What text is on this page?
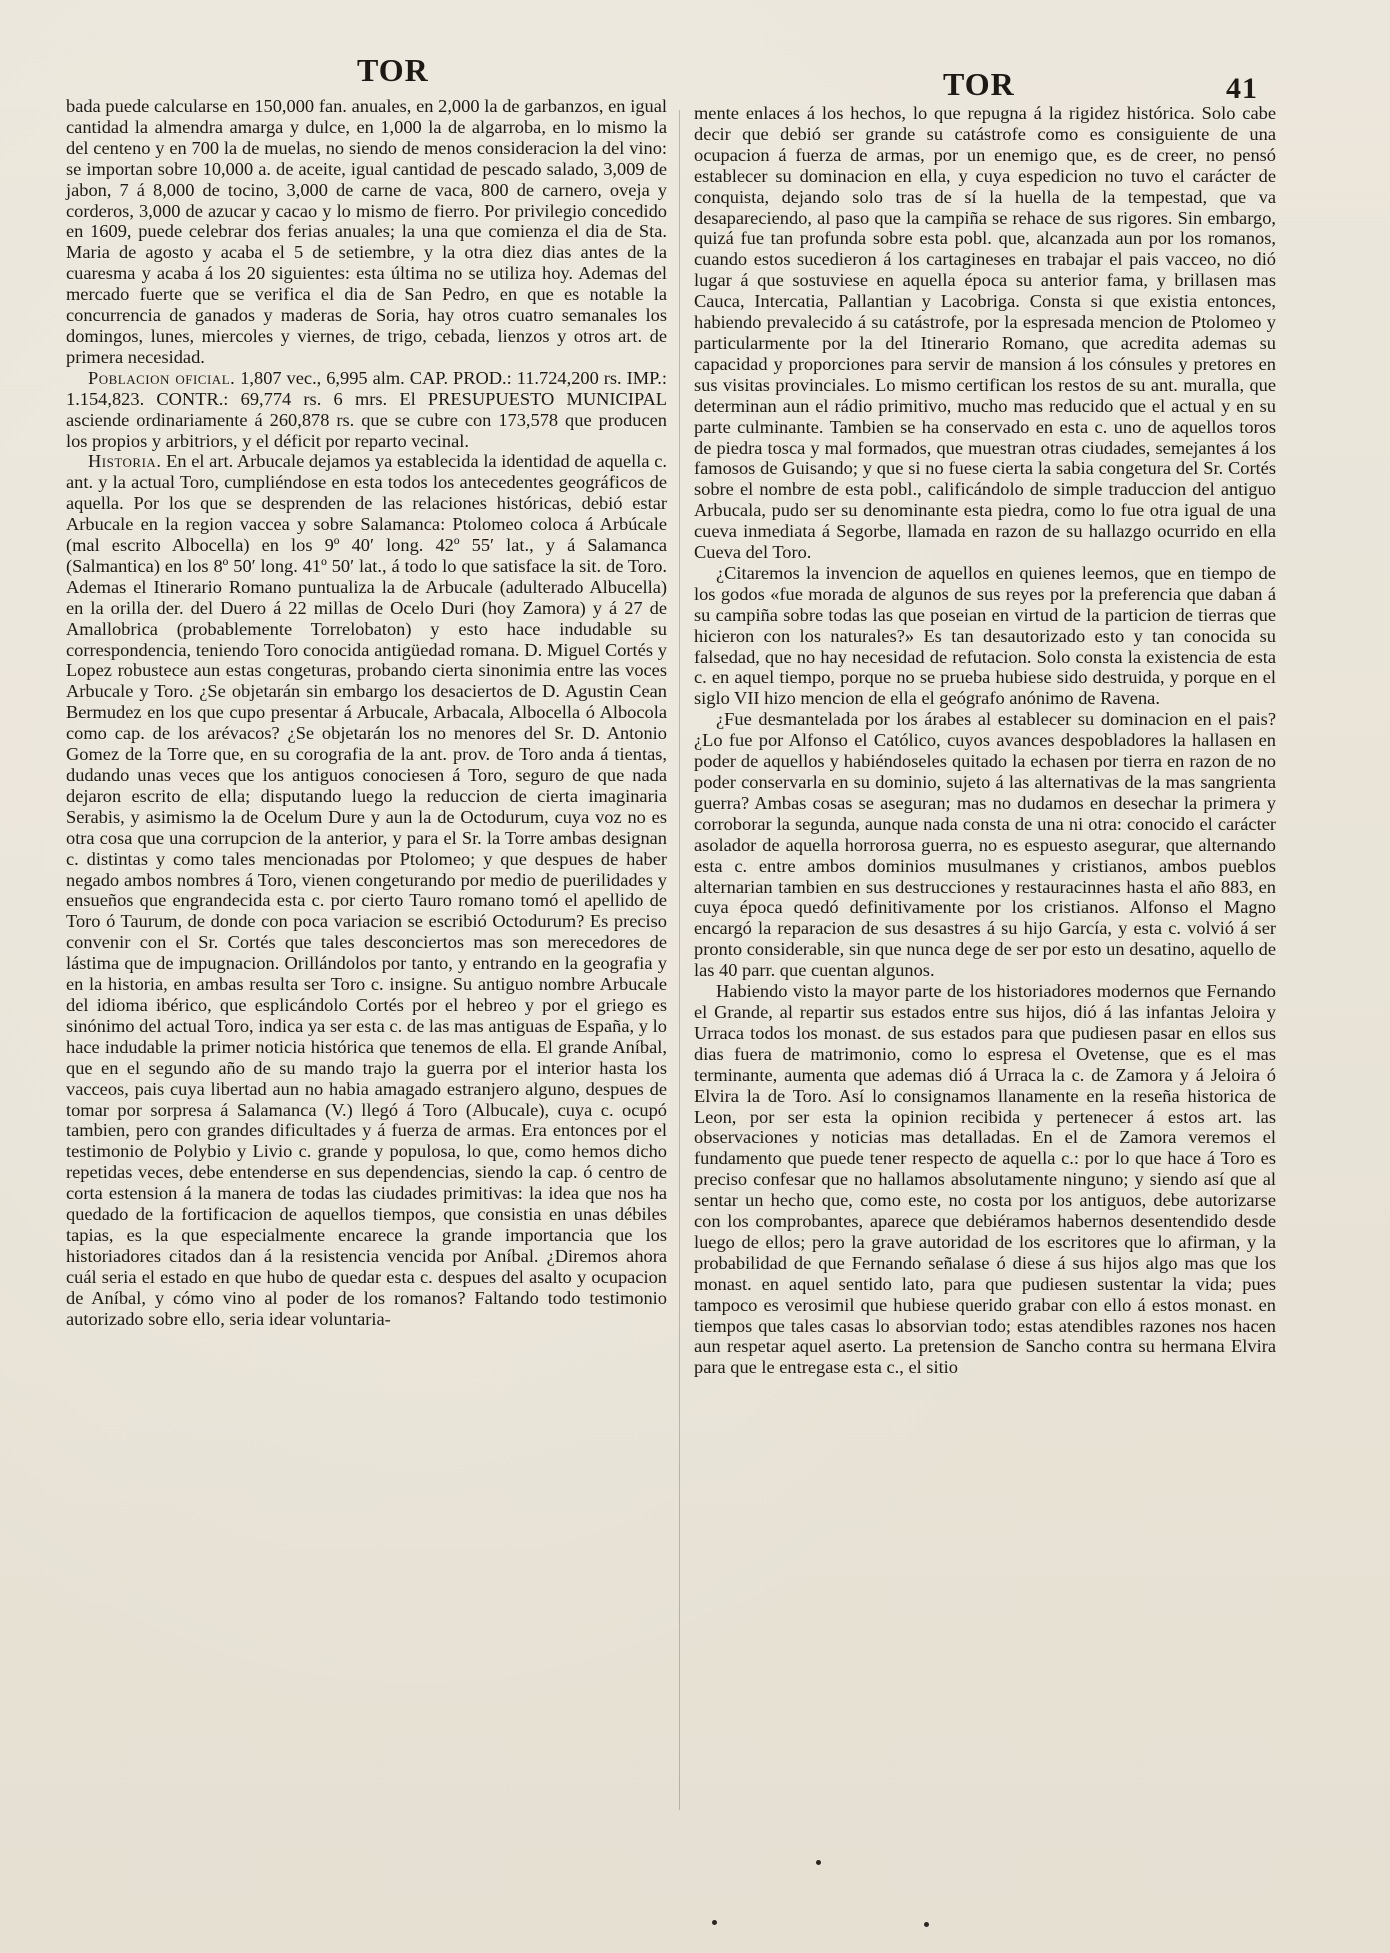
TOR	TOR	41

bada puede calcularse en 150,000 fan. anuales, en 2,000 la de garbanzos, en igual cantidad la almendra amarga y dulce, en 1,000 la de algarroba, en lo mismo la del centeno y en 700 la de muelas, no siendo de menos consideracion la del vino: se importan sobre 10,000 a. de aceite, igual cantidad de pescado salado, 3,009 de jabon, 7 á 8,000 de tocino, 3,000 de carne de vaca, 800 de carnero, oveja y corderos, 3,000 de azucar y cacao y lo mismo de fierro. Por privilegio concedido en 1609, puede celebrar dos ferias anuales; la una que comienza el dia de Sta. Maria de agosto y acaba el 5 de setiembre, y la otra diez dias antes de la cuaresma y acaba á los 20 siguientes: esta última no se utiliza hoy. Ademas del mercado fuerte que se verifica el dia de San Pedro, en que es notable la concurrencia de ganados y maderas de Soria, hay otros cuatro semanales los domingos, lunes, miercoles y viernes, de trigo, cebada, lienzos y otros art. de primera necesidad.

Poblacion oficial. 1,807 vec., 6,995 alm. CAP. PROD.: 11.724,200 rs. IMP.: 1.154,823. CONTR.: 69,774 rs. 6 mrs. El PRESUPUESTO MUNICIPAL asciende ordinariamente á 260,878 rs. que se cubre con 173,578 que producen los propios y arbitriors, y el déficit por reparto vecinal.

Historia. En el art. Arbucale dejamos ya establecida la identidad de aquella c. ant. y la actual Toro, cumpliéndose en esta todos los antecedentes geográficos de aquella. Por los que se desprenden de las relaciones históricas, debió estar Arbucale en la region vaccea y sobre Salamanca: Ptolomeo coloca á Arbúcale (mal escrito Albocella) en los 9º 40′ long. 42º 55′ lat., y á Salamanca (Salmantica) en los 8º 50′ long. 41º 50′ lat., á todo lo que satisface la sit. de Toro. Ademas el Itinerario Romano puntualiza la de Arbucale (adulterado Albucella) en la orilla der. del Duero á 22 millas de Ocelo Duri (hoy Zamora) y á 27 de Amallobrica (probablemente Torrelobaton) y esto hace indudable su correspondencia, teniendo Toro conocida antigüedad romana. D. Miguel Cortés y Lopez robustece aun estas congeturas, probando cierta sinonimia entre las voces Arbucale y Toro. ¿Se objetarán sin embargo los desaciertos de D. Agustin Cean Bermudez en los que cupo presentar á Arbucale, Arbacala, Albocella ó Albocola como cap. de los arévacos? ¿Se objetarán los no menores del Sr. D. Antonio Gomez de la Torre que, en su corografia de la ant. prov. de Toro anda á tientas, dudando unas veces que los antiguos conociesen á Toro, seguro de que nada dejaron escrito de ella; disputando luego la reduccion de cierta imaginaria Serabis, y asimismo la de Ocelum Dure y aun la de Octodurum, cuya voz no es otra cosa que una corrupcion de la anterior, y para el Sr. la Torre ambas designan c. distintas y como tales mencionadas por Ptolomeo; y que despues de haber negado ambos nombres á Toro, vienen congeturando por medio de puerilidades y ensueños que engrandecida esta c. por cierto Tauro romano tomó el apellido de Toro ó Taurum, de donde con poca variacion se escribió Octodurum? Es preciso convenir con el Sr. Cortés que tales desconciertos mas son merecedores de lástima que de impugnacion. Orillándolos por tanto, y entrando en la geografia y en la historia, en ambas resulta ser Toro c. insigne. Su antiguo nombre Arbucale del idioma ibérico, que esplicándolo Cortés por el hebreo y por el griego es sinónimo del actual Toro, indica ya ser esta c. de las mas antiguas de España, y lo hace indudable la primer noticia histórica que tenemos de ella. El grande Aníbal, que en el segundo año de su mando trajo la guerra por el interior hasta los vacceos, pais cuya libertad aun no habia amagado estranjero alguno, despues de tomar por sorpresa á Salamanca (V.) llegó á Toro (Albucale), cuya c. ocupó tambien, pero con grandes dificultades y á fuerza de armas. Era entonces por el testimonio de Polybio y Livio c. grande y populosa, lo que, como hemos dicho repetidas veces, debe entenderse en sus dependencias, siendo la cap. ó centro de corta estension á la manera de todas las ciudades primitivas: la idea que nos ha quedado de la fortificacion de aquellos tiempos, que consistia en unas débiles tapias, es la que especialmente encarece la grande importancia que los historiadores citados dan á la resistencia vencida por Aníbal. ¿Diremos ahora cuál seria el estado en que hubo de quedar esta c. despues del asalto y ocupacion de Aníbal, y cómo vino al poder de los romanos? Faltando todo testimonio autorizado sobre ello, seria idear voluntaria-

mente enlaces á los hechos, lo que repugna á la rigidez histórica. Solo cabe decir que debió ser grande su catástrofe como es consiguiente de una ocupacion á fuerza de armas, por un enemigo que, es de creer, no pensó establecer su dominacion en ella, y cuya espedicion no tuvo el carácter de conquista, dejando solo tras de sí la huella de la tempestad, que va desapareciendo, al paso que la campiña se rehace de sus rigores. Sin embargo, quizá fue tan profunda sobre esta pobl. que, alcanzada aun por los romanos, cuando estos sucedieron á los cartagineses en trabajar el pais vacceo, no dió lugar á que sostuviese en aquella época su anterior fama, y brillasen mas Cauca, Intercatia, Pallantian y Lacobriga. Consta si que existia entonces, habiendo prevalecido á su catástrofe, por la espresada mencion de Ptolomeo y particularmente por la del Itinerario Romano, que acredita ademas su capacidad y proporciones para servir de mansion á los cónsules y pretores en sus visitas provinciales. Lo mismo certifican los restos de su ant. muralla, que determinan aun el rádio primitivo, mucho mas reducido que el actual y en su parte culminante. Tambien se ha conservado en esta c. uno de aquellos toros de piedra tosca y mal formados, que muestran otras ciudades, semejantes á los famosos de Guisando; y que si no fuese cierta la sabia congetura del Sr. Cortés sobre el nombre de esta pobl., calificándolo de simple traduccion del antiguo Arbucala, pudo ser su denominante esta piedra, como lo fue otra igual de una cueva inmediata á Segorbe, llamada en razon de su hallazgo ocurrido en ella Cueva del Toro.

¿Citaremos la invencion de aquellos en quienes leemos, que en tiempo de los godos «fue morada de algunos de sus reyes por la preferencia que daban á su campiña sobre todas las que poseian en virtud de la particion de tierras que hicieron con los naturales?» Es tan desautorizado esto y tan conocida su falsedad, que no hay necesidad de refutacion. Solo consta la existencia de esta c. en aquel tiempo, porque no se prueba hubiese sido destruida, y porque en el siglo VII hizo mencion de ella el geógrafo anónimo de Ravena.

¿Fue desmantelada por los árabes al establecer su dominacion en el pais? ¿Lo fue por Alfonso el Católico, cuyos avances despobladores la hallasen en poder de aquellos y habiéndoseles quitado la echasen por tierra en razon de no poder conservarla en su dominio, sujeto á las alternativas de la mas sangrienta guerra? Ambas cosas se aseguran; mas no dudamos en desechar la primera y corroborar la segunda, aunque nada consta de una ni otra: conocido el carácter asolador de aquella horrorosa guerra, no es espuesto asegurar, que alternando esta c. entre ambos dominios musulmanes y cristianos, ambos pueblos alternarian tambien en sus destrucciones y restauracinnes hasta el año 883, en cuya época quedó definitivamente por los cristianos. Alfonso el Magno encargó la reparacion de sus desastres á su hijo García, y esta c. volvió á ser pronto considerable, sin que nunca dege de ser por esto un desatino, aquello de las 40 parr. que cuentan algunos.

Habiendo visto la mayor parte de los historiadores modernos que Fernando el Grande, al repartir sus estados entre sus hijos, dió á las infantas Jeloira y Urraca todos los monast. de sus estados para que pudiesen pasar en ellos sus dias fuera de matrimonio, como lo espresa el Ovetense, que es el mas terminante, aumenta que ademas dió á Urraca la c. de Zamora y á Jeloira ó Elvira la de Toro. Así lo consignamos llanamente en la reseña historica de Leon, por ser esta la opinion recibida y pertenecer á estos art. las observaciones y noticias mas detalladas. En el de Zamora veremos el fundamento que puede tener respecto de aquella c.: por lo que hace á Toro es preciso confesar que no hallamos absolutamente ninguno; y siendo así que al sentar un hecho que, como este, no costa por los antiguos, debe autorizarse con los comprobantes, aparece que debiéramos habernos desentendido desde luego de ellos; pero la grave autoridad de los escritores que lo afirman, y la probabilidad de que Fernando señalase ó diese á sus hijos algo mas que los monast. en aquel sentido lato, para que pudiesen sustentar la vida; pues tampoco es verosimil que hubiese querido grabar con ello á estos monast. en tiempos que tales casas lo absorvian todo; estas atendibles razones nos hacen aun respetar aquel aserto. La pretension de Sancho contra su hermana Elvira para que le entregase esta c., el sitio
